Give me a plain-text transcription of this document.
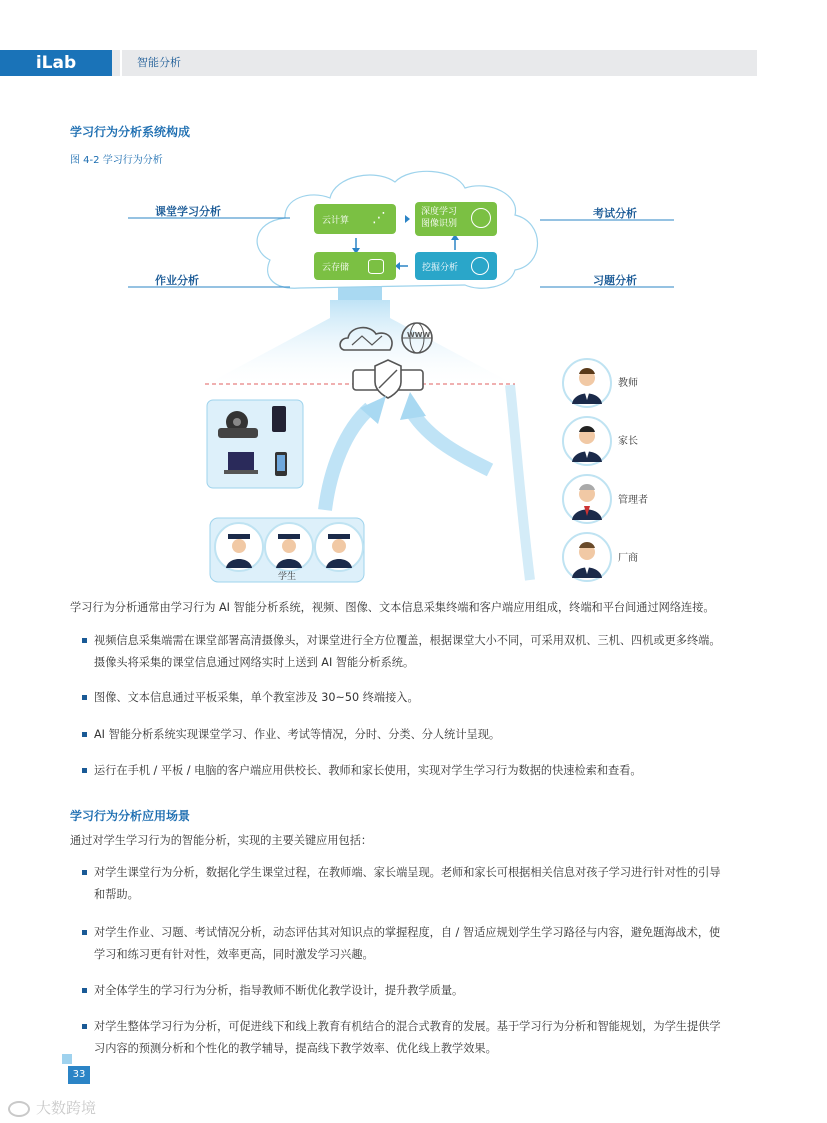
iLab	智能分析
学习行为分析系统构成
图 4-2 学习行为分析
课堂学习分析
作业分析
考试分析
习题分析
云计算 ⋰	深度学习
图像识别
云存储	挖掘分析
WWW
学生
教师
家长
管理者
厂商
学习行为分析通常由学习行为 AI 智能分析系统，视频、图像、文本信息采集终端和客户端应用组成，终端和平台间通过网络连接。
视频信息采集端需在课堂部署高清摄像头，对课堂进行全方位覆盖，根据课堂大小不同，可采用双机、三机、四机或更多终端。
摄像头将采集的课堂信息通过网络实时上送到 AI 智能分析系统。
图像、文本信息通过平板采集，单个教室涉及 30~50 终端接入。
AI 智能分析系统实现课堂学习、作业、考试等情况，分时、分类、分人统计呈现。
运行在手机 / 平板 / 电脑的客户端应用供校长、教师和家长使用，实现对学生学习行为数据的快速检索和查看。
学习行为分析应用场景
通过对学生学习行为的智能分析，实现的主要关键应用包括：
对学生课堂行为分析，数据化学生课堂过程，在教师端、家长端呈现。老师和家长可根据相关信息对孩子学习进行针对性的引导
和帮助。
对学生作业、习题、考试情况分析，动态评估其对知识点的掌握程度，自 / 智适应规划学生学习路径与内容，避免题海战术，使
学习和练习更有针对性，效率更高，同时激发学习兴趣。
对全体学生的学习行为分析，指导教师不断优化教学设计，提升教学质量。
对学生整体学习行为分析，可促进线下和线上教育有机结合的混合式教育的发展。基于学习行为分析和智能规划，为学生提供学
习内容的预测分析和个性化的教学辅导，提高线下教学效率、优化线上教学效果。
33
大数跨境
